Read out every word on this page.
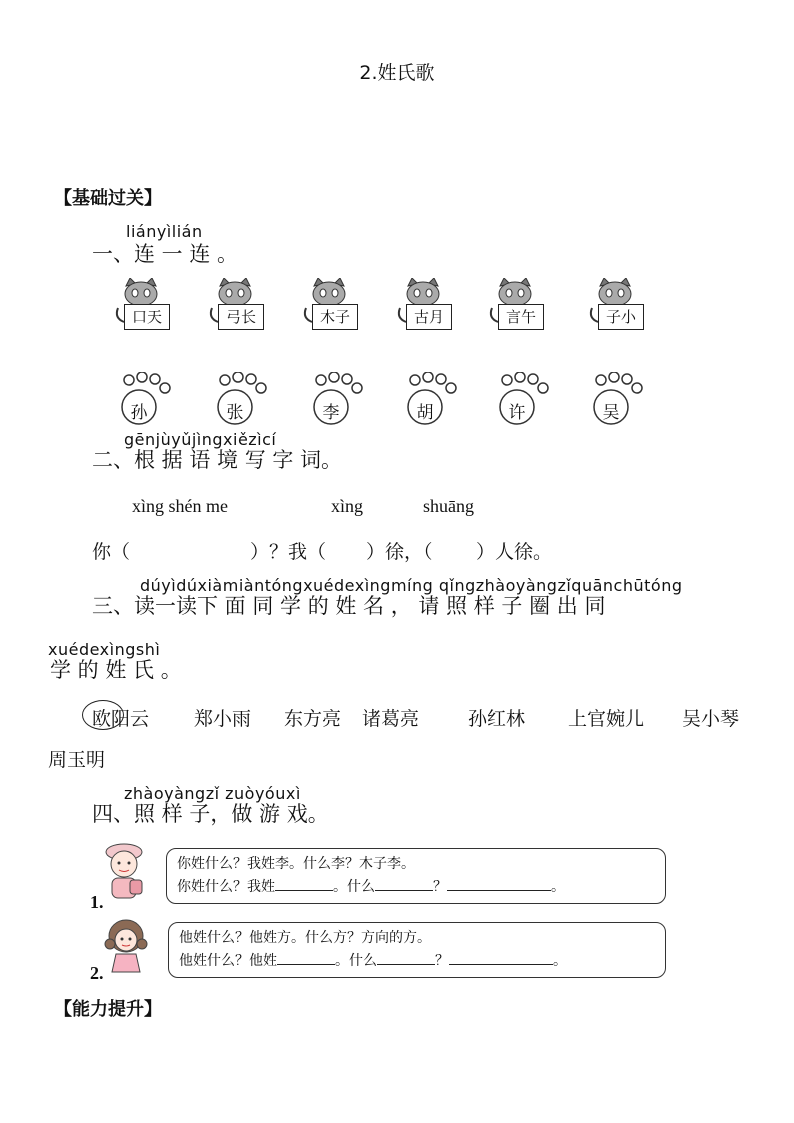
2.姓氏歌
【基础过关】
liányìlián
一、连 一 连 。
口天	弓长	木子	古月	言午	子小
孙	张	李	胡	许	吴
gēnjùyǔjìngxiězìcí
二、根 据 语 境 写 字 词。
xìng shén me	xìng	shuāng
你（	）？我（ ）徐，（ ）人徐。
dúyìdúxiàmiàntóngxuédexìngmíng qǐngzhàoyàngzǐquānchūtóng
三、读一读下 面 同 学 的 姓 名 ， 请 照 样 子 圈 出 同
xuédexìngshì
学 的 姓 氏 。
欧阳云 郑小雨 东方亮 诸葛亮	孙红林 上官婉儿 吴小琴
周玉明
zhàoyàngzǐ zuòyóuxì
四、照 样 子，做 游 戏。
1.
你姓什么？我姓李。什么李？木子李。
你姓什么？我姓	。什么	？	。
2.
他姓什么？他姓方。什么方？方向的方。
他姓什么？他姓	。什么	？	。
【能力提升】
